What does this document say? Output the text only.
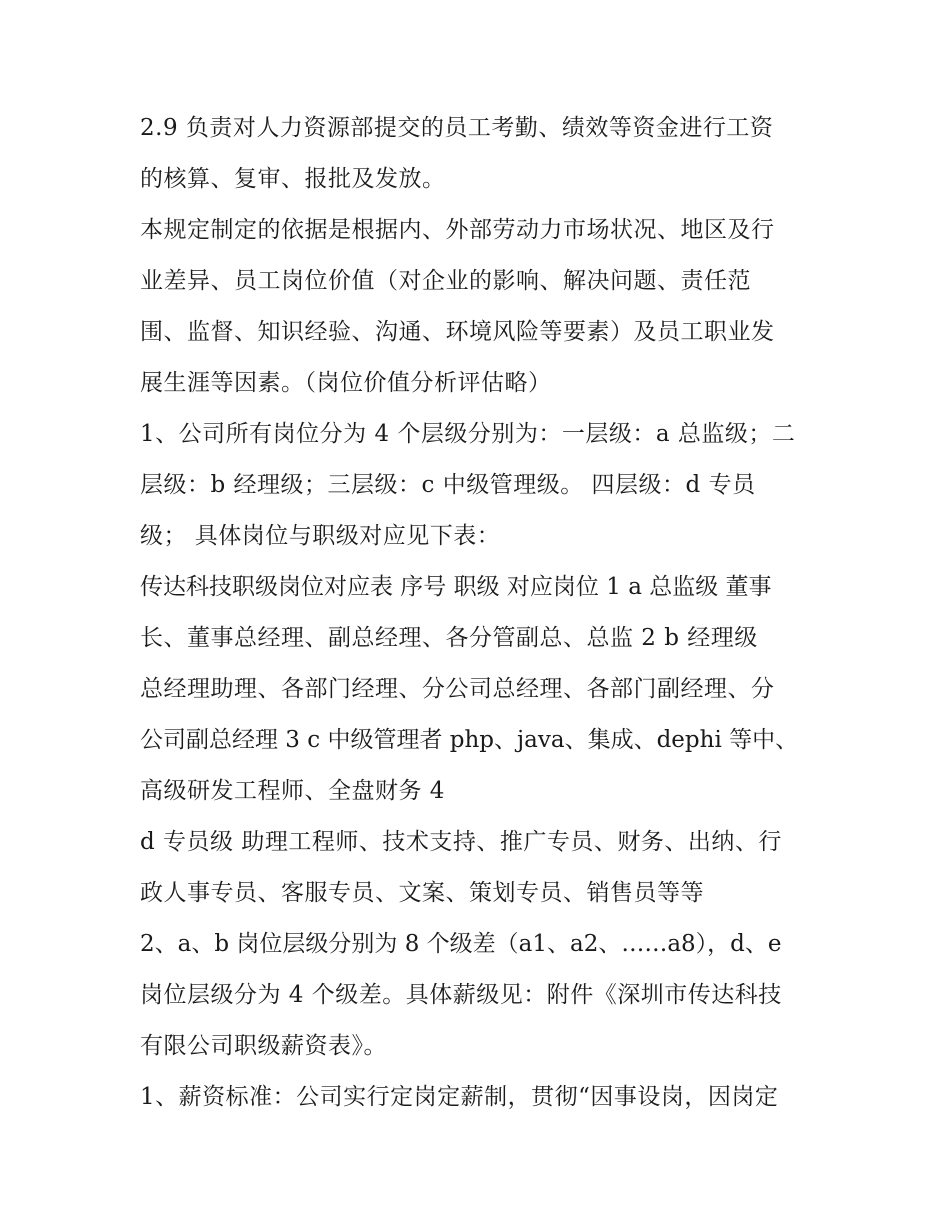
2.9 负责对人力资源部提交的员工考勤、绩效等资金进行工资
的核算、复审、报批及发放。
本规定制定的依据是根据内、外部劳动力市场状况、地区及行
业差异、员工岗位价值（对企业的影响、解决问题、责任范
围、监督、知识经验、沟通、环境风险等要素）及员工职业发
展生涯等因素。（岗位价值分析评估略）
1、公司所有岗位分为 4 个层级分别为：一层级：a 总监级；二
层级：b 经理级；三层级：c 中级管理级。 四层级：d 专员
级； 具体岗位与职级对应见下表：
传达科技职级岗位对应表 序号 职级 对应岗位 1 a 总监级 董事
长、董事总经理、副总经理、各分管副总、总监 2 b 经理级
总经理助理、各部门经理、分公司总经理、各部门副经理、分
公司副总经理 3 c 中级管理者 php、java、集成、dephi 等中、
高级研发工程师、全盘财务 4
d 专员级 助理工程师、技术支持、推广专员、财务、出纳、行
政人事专员、客服专员、文案、策划专员、销售员等等
2、a、b 岗位层级分别为 8 个级差（a1、a2、……a8），d、e
岗位层级分为 4 个级差。具体薪级见：附件《深圳市传达科技
有限公司职级薪资表》。
1、薪资标准：公司实行定岗定薪制，贯彻“因事设岗，因岗定
